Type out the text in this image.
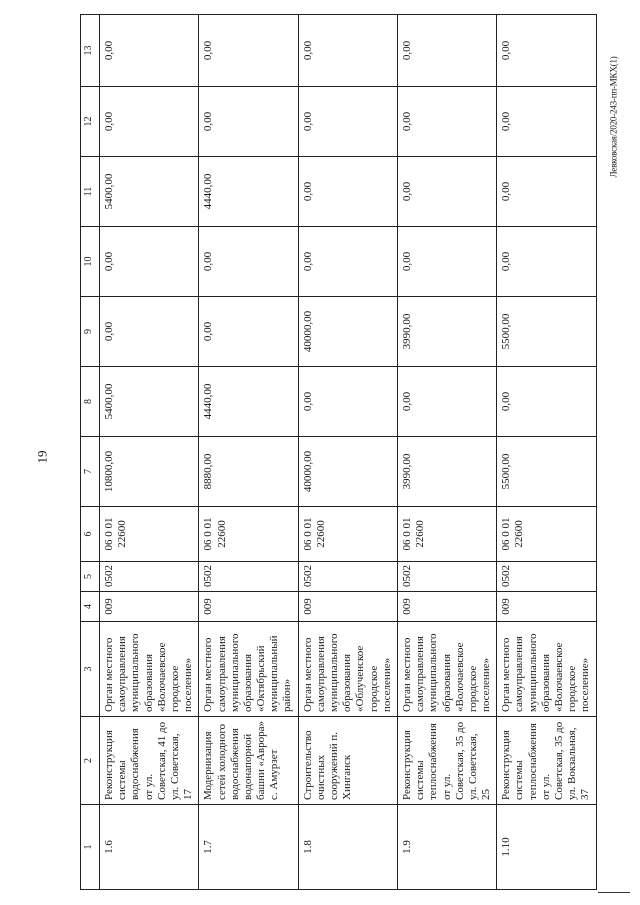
19
Левковская/2020-243-пп-МКХ(1)
1	2	3	4	5	6	7	8	9	10	11	12	13
1.6	Реконструкция системы водоснабжения от ул. Советская, 41 до ул. Советская, 17	Орган местного самоуправления муниципального образования «Волочаевское городское поселение»	009	0502	06 0 01 22600	10800,00	5400,00	0,00	0,00	5400,00	0,00	0,00
1.7	Модернизация сетей холодного водоснабжения водонапорной башни «Аврора» с. Амурзет	Орган местного самоуправления муниципального образования «Октябрьский муниципальный район»	009	0502	06 0 01 22600	8880,00	4440,00	0,00	0,00	4440,00	0,00	0,00
1.8	Строительство очистных сооружений п. Хинганск	Орган местного самоуправления муниципального образования «Облученское городское поселение»	009	0502	06 0 01 22600	40000,00	0,00	40000,00	0,00	0,00	0,00	0,00
1.9	Реконструкция системы теплоснабжения от ул. Советская, 35 до ул. Советская, 25	Орган местного самоуправления муниципального образования «Волочаевское городское поселение»	009	0502	06 0 01 22600	3990,00	0,00	3990,00	0,00	0,00	0,00	0,00
1.10	Реконструкция системы теплоснабжения от ул. Советская, 35 до ул. Вокзальная, 37	Орган местного самоуправления муниципального образования «Волочаевское городское поселение»	009	0502	06 0 01 22600	5500,00	0,00	5500,00	0,00	0,00	0,00	0,00
